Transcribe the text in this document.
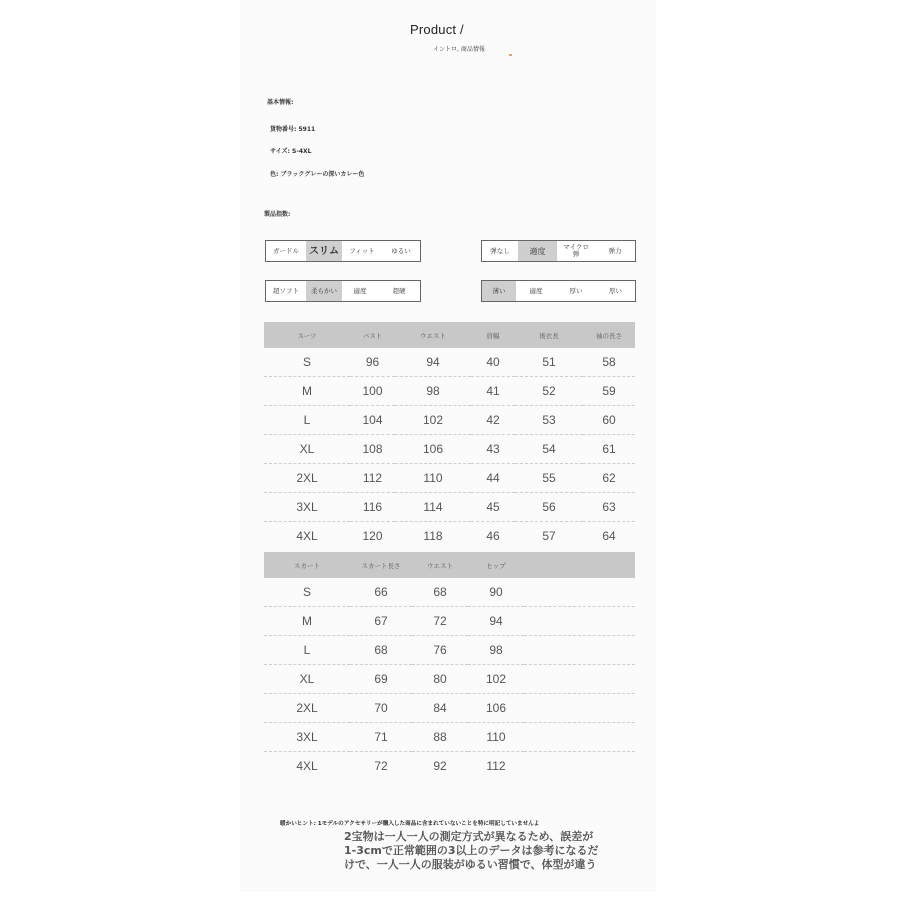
Product /
イントロ, 商品情報
基本情報:
貨物番号: 5911
サイズ: S-4XL
色: ブラックグレーの深いカレー色
製品指数:
ガードル	スリム	フィット	ゆるい	弾なし	適度	マイクロ弾	弾力
超ソフト	柔らかい	適度	超硬	薄い	適度	厚い	厚い
スーツ	バスト	ウエスト	肩幅	後衣長	袖の長さ
S	96	94	40	51	58
M	100	98	41	52	59
L	104	102	42	53	60
XL	108	106	43	54	61
2XL	112	110	44	55	62
3XL	116	114	45	56	63
4XL	120	118	46	57	64
スカート	スカート長さ	ウエスト	ヒップ	
S	66	68	90	
M	67	72	94	
L	68	76	98	
XL	69	80	102	
2XL	70	84	106	
3XL	71	88	110	
4XL	72	92	112	
暖かいヒント: 1モデルのアクセサリーが購入した商品に含まれていないことを特に明記していませんよ
2宝物は一人一人の測定方式が異なるため、誤差が
1-3cmで正常範囲の3以上のデータは参考になるだ
けで、一人一人の服装がゆるい習慣で、体型が違う
